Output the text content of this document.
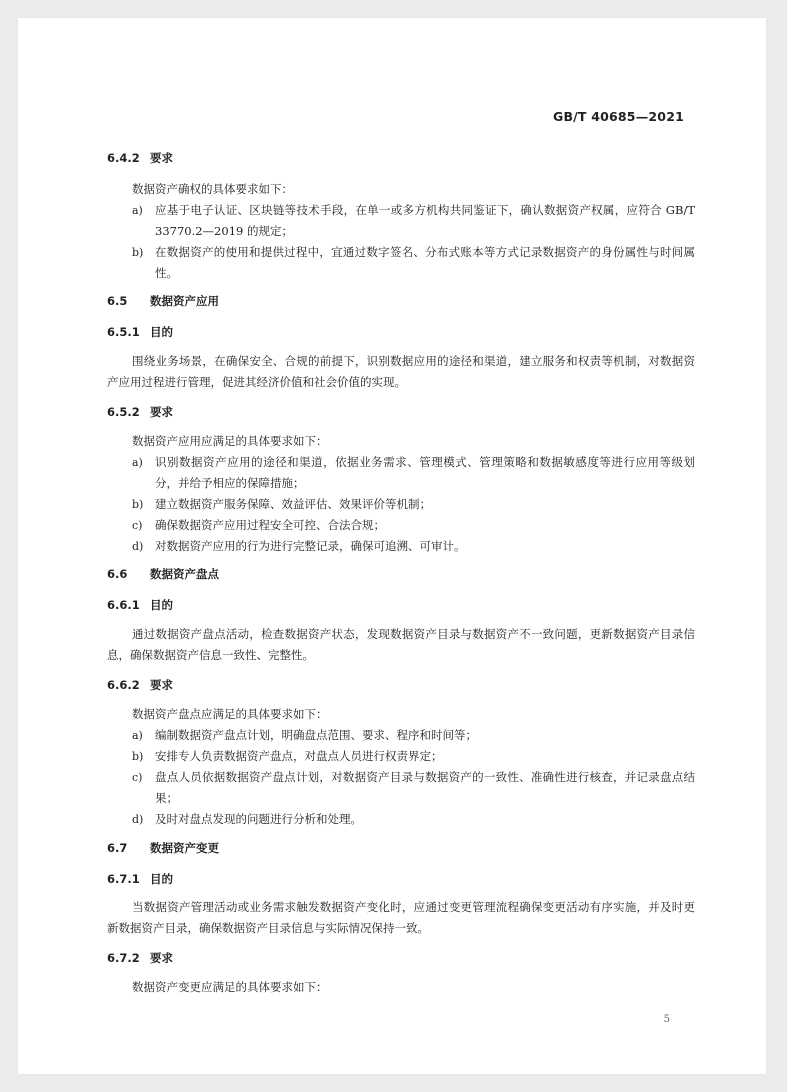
GB/T 40685—2021
6.4.2 要求
数据资产确权的具体要求如下：
a) 应基于电子认证、区块链等技术手段，在单一或多方机构共同鉴证下，确认数据资产权属，应符合 GB/T 33770.2—2019 的规定；
b) 在数据资产的使用和提供过程中，宜通过数字签名、分布式账本等方式记录数据资产的身份属性与时间属性。
6.5 数据资产应用
6.5.1 目的
围绕业务场景，在确保安全、合规的前提下，识别数据应用的途径和渠道，建立服务和权责等机制，对数据资产应用过程进行管理，促进其经济价值和社会价值的实现。
6.5.2 要求
数据资产应用应满足的具体要求如下：
a) 识别数据资产应用的途径和渠道，依据业务需求、管理模式、管理策略和数据敏感度等进行应用等级划分，并给予相应的保障措施；
b) 建立数据资产服务保障、效益评估、效果评价等机制；
c) 确保数据资产应用过程安全可控、合法合规；
d) 对数据资产应用的行为进行完整记录，确保可追溯、可审计。
6.6 数据资产盘点
6.6.1 目的
通过数据资产盘点活动，检查数据资产状态，发现数据资产目录与数据资产不一致问题，更新数据资产目录信息，确保数据资产信息一致性、完整性。
6.6.2 要求
数据资产盘点应满足的具体要求如下：
a) 编制数据资产盘点计划，明确盘点范围、要求、程序和时间等；
b) 安排专人负责数据资产盘点，对盘点人员进行权责界定；
c) 盘点人员依据数据资产盘点计划，对数据资产目录与数据资产的一致性、准确性进行核查，并记录盘点结果；
d) 及时对盘点发现的问题进行分析和处理。
6.7 数据资产变更
6.7.1 目的
当数据资产管理活动或业务需求触发数据资产变化时，应通过变更管理流程确保变更活动有序实施，并及时更新数据资产目录，确保数据资产目录信息与实际情况保持一致。
6.7.2 要求
数据资产变更应满足的具体要求如下：
5
